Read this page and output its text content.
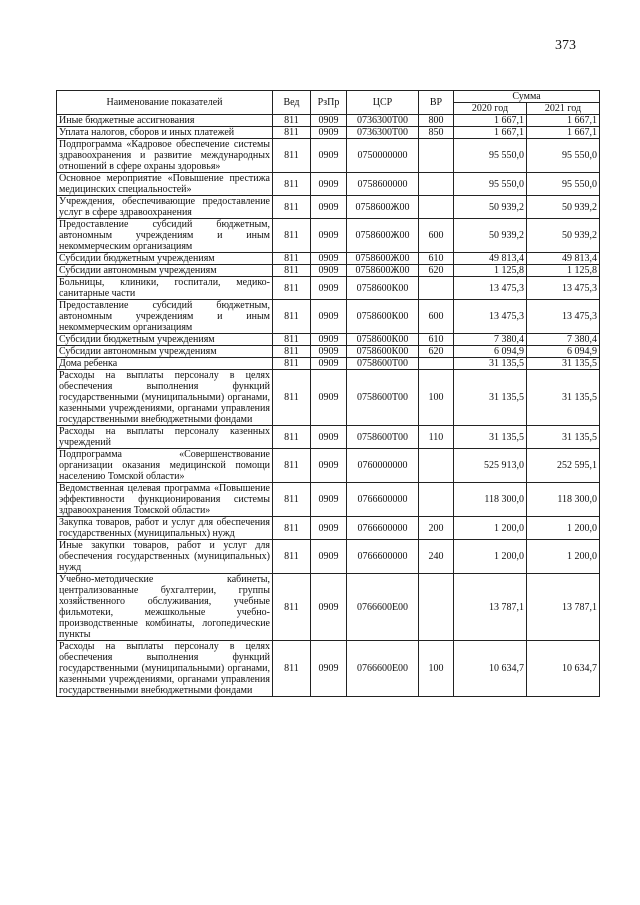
373
Наименование показателей	Вед	РзПр	ЦСР	ВР	Сумма	
					2020 год	2021 год
Иные бюджетные ассигнования	811	0909	0736300Т00	800	1 667,1	1 667,1
Уплата налогов, сборов и иных платежей	811	0909	0736300Т00	850	1 667,1	1 667,1
Подпрограмма «Кадровое обеспечение системы здравоохранения и развитие международных отношений в сфере охраны здоровья»	811	0909	0750000000		95 550,0	95 550,0
Основное мероприятие «Повышение престижа медицинских специальностей»	811	0909	0758600000		95 550,0	95 550,0
Учреждения, обеспечивающие предоставление услуг в сфере здравоохранения	811	0909	0758600Ж00		50 939,2	50 939,2
Предоставление субсидий бюджетным, автономным учреждениям и иным некоммерческим организациям	811	0909	0758600Ж00	600	50 939,2	50 939,2
Субсидии бюджетным учреждениям	811	0909	0758600Ж00	610	49 813,4	49 813,4
Субсидии автономным учреждениям	811	0909	0758600Ж00	620	1 125,8	1 125,8
Больницы, клиники, госпитали, медико-санитарные части	811	0909	0758600К00		13 475,3	13 475,3
Предоставление субсидий бюджетным, автономным учреждениям и иным некоммерческим организациям	811	0909	0758600К00	600	13 475,3	13 475,3
Субсидии бюджетным учреждениям	811	0909	0758600К00	610	7 380,4	7 380,4
Субсидии автономным учреждениям	811	0909	0758600К00	620	6 094,9	6 094,9
Дома ребенка	811	0909	0758600Т00		31 135,5	31 135,5
Расходы на выплаты персоналу в целях обеспечения выполнения функций государственными (муниципальными) органами, казенными учреждениями, органами управления государственными внебюджетными фондами	811	0909	0758600Т00	100	31 135,5	31 135,5
Расходы на выплаты персоналу казенных учреждений	811	0909	0758600Т00	110	31 135,5	31 135,5
Подпрограмма «Совершенствование организации оказания медицинской помощи населению Томской области»	811	0909	0760000000		525 913,0	252 595,1
Ведомственная целевая программа «Повышение эффективности функционирования системы здравоохранения Томской области»	811	0909	0766600000		118 300,0	118 300,0
Закупка товаров, работ и услуг для обеспечения государственных (муниципальных) нужд	811	0909	0766600000	200	1 200,0	1 200,0
Иные закупки товаров, работ и услуг для обеспечения государственных (муниципальных) нужд	811	0909	0766600000	240	1 200,0	1 200,0
Учебно-методические кабинеты, централизованные бухгалтерии, группы хозяйственного обслуживания, учебные фильмотеки, межшкольные учебно-производственные комбинаты, логопедические пункты	811	0909	0766600Е00		13 787,1	13 787,1
Расходы на выплаты персоналу в целях обеспечения выполнения функций государственными (муниципальными) органами, казенными учреждениями, органами управления государственными внебюджетными фондами	811	0909	0766600Е00	100	10 634,7	10 634,7
